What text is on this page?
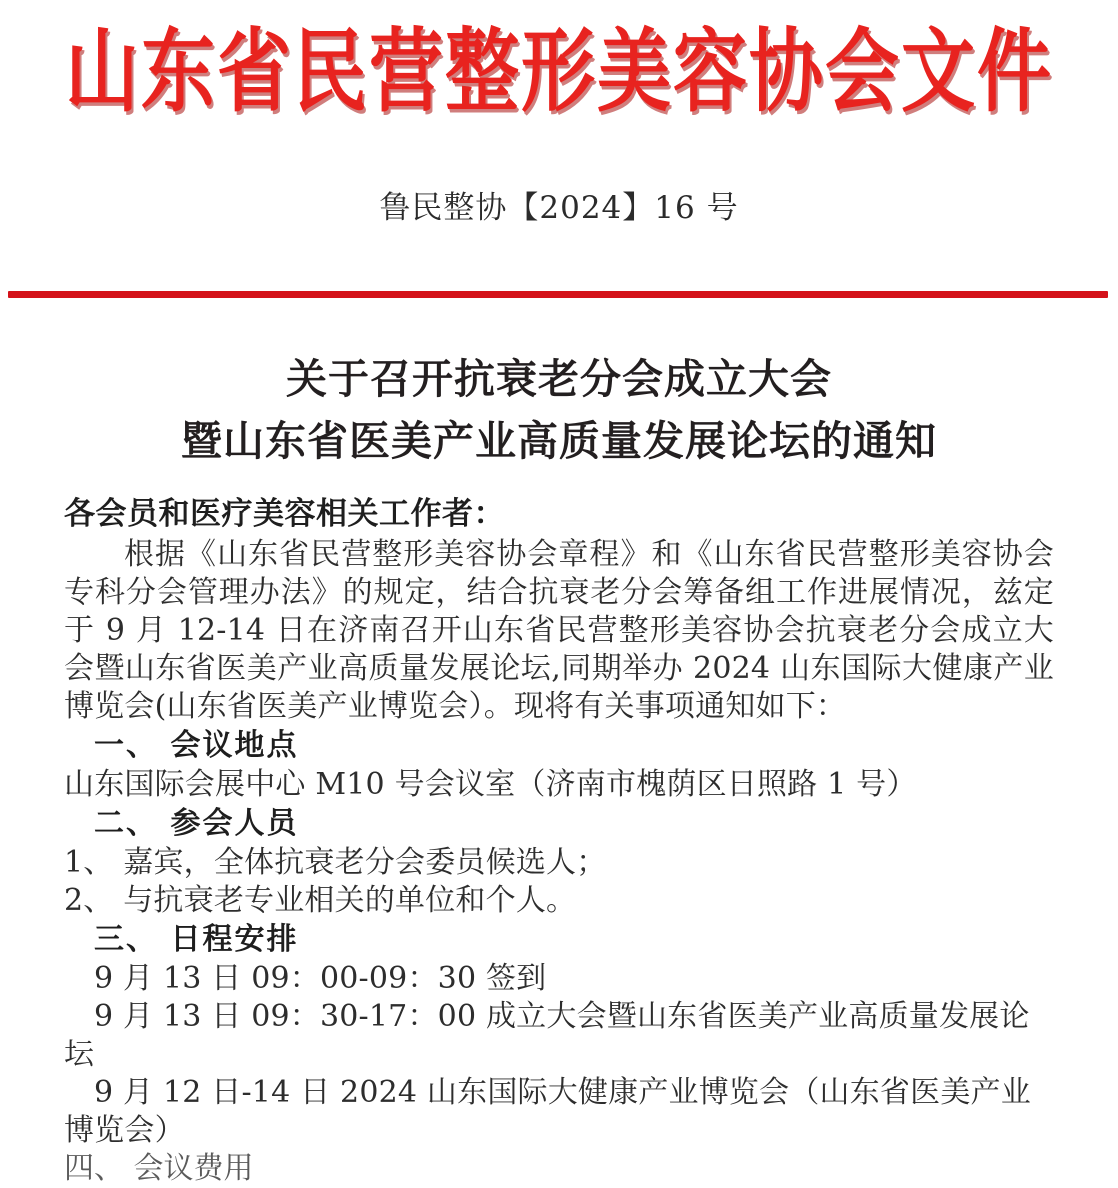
山东省民营整形美容协会文件
鲁民整协【2024】16 号
关于召开抗衰老分会成立大会
暨山东省医美产业高质量发展论坛的通知
各会员和医疗美容相关工作者：

根据《山东省民营整形美容协会章程》和《山东省民营整形美容协会专科分会管理办法》的规定，结合抗衰老分会筹备组工作进展情况，兹定于 9 月 12-14 日在济南召开山东省民营整形美容协会抗衰老分会成立大会暨山东省医美产业高质量发展论坛,同期举办 2024 山东国际大健康产业博览会(山东省医美产业博览会）。现将有关事项通知如下：

一、 会议地点
山东国际会展中心 M10 号会议室（济南市槐荫区日照路 1 号）
二、 参会人员
1、 嘉宾，全体抗衰老分会委员候选人；
2、 与抗衰老专业相关的单位和个人。
三、 日程安排
9 月 13 日 09：00-09：30 签到
9 月 13 日 09：30-17：00 成立大会暨山东省医美产业高质量发展论坛
9 月 12 日-14 日 2024 山东国际大健康产业博览会（山东省医美产业博览会）
四、 会议费用
